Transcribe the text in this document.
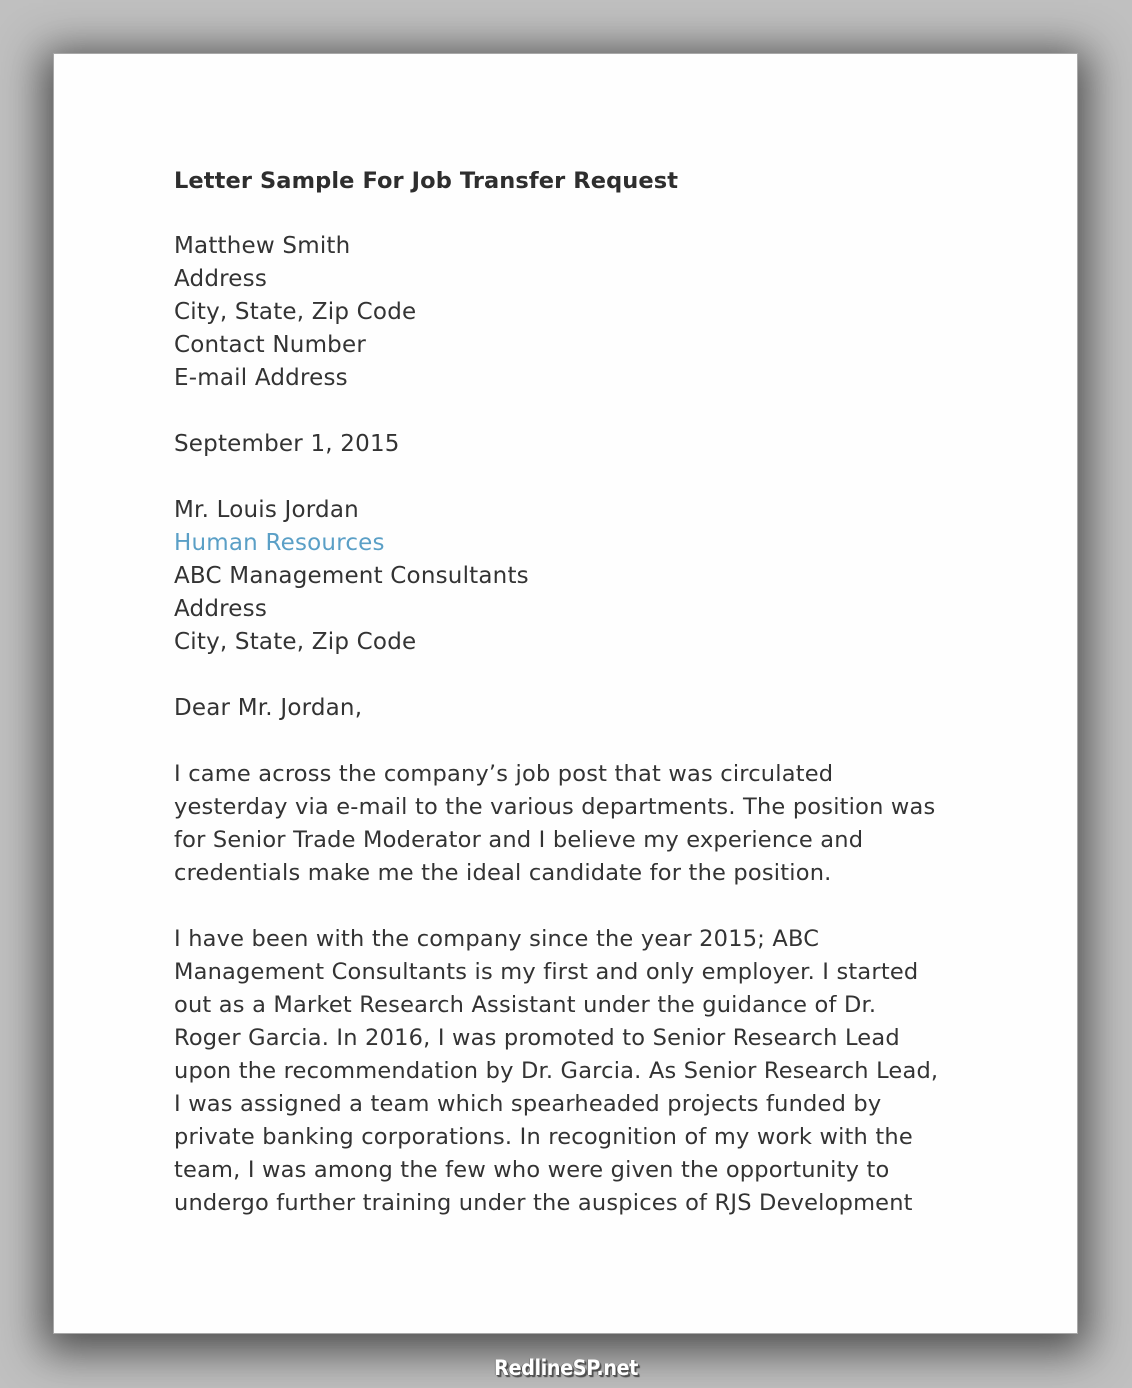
Letter Sample For Job Transfer Request
Matthew Smith
Address
City, State, Zip Code
Contact Number
E-mail Address
September 1, 2015
Mr. Louis Jordan
Human Resources
ABC Management Consultants
Address
City, State, Zip Code
Dear Mr. Jordan,
I came across the company’s job post that was circulated
yesterday via e-mail to the various departments. The position was
for Senior Trade Moderator and I believe my experience and
credentials make me the ideal candidate for the position.
I have been with the company since the year 2015; ABC
Management Consultants is my first and only employer. I started
out as a Market Research Assistant under the guidance of Dr.
Roger Garcia. In 2016, I was promoted to Senior Research Lead
upon the recommendation by Dr. Garcia. As Senior Research Lead,
I was assigned a team which spearheaded projects funded by
private banking corporations. In recognition of my work with the
team, I was among the few who were given the opportunity to
undergo further training under the auspices of RJS Development
RedlineSP.net
